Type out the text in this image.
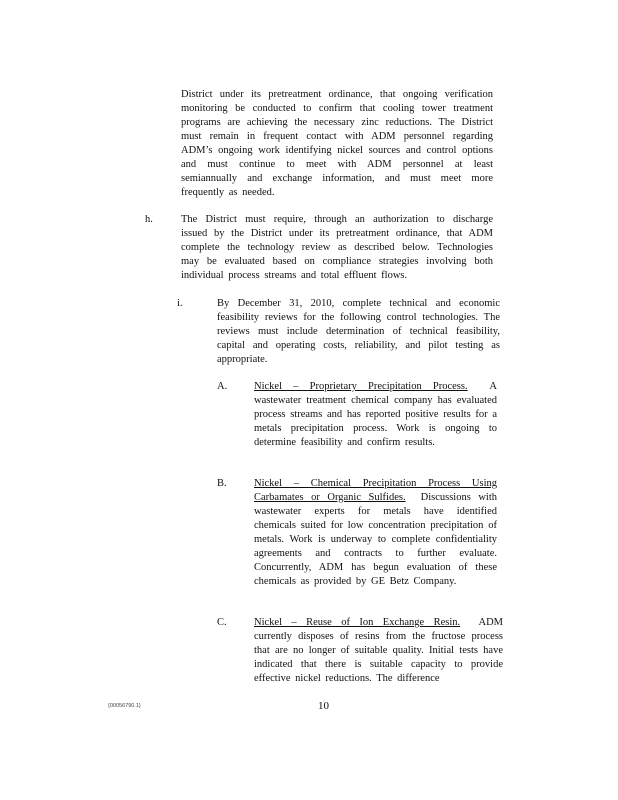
District under its pretreatment ordinance, that ongoing verification monitoring be conducted to confirm that cooling tower treatment programs are achieving the necessary zinc reductions. The District must remain in frequent contact with ADM personnel regarding ADM’s ongoing work identifying nickel sources and control options and must continue to meet with ADM personnel at least semiannually and exchange information, and must meet more frequently as needed.
h.	The District must require, through an authorization to discharge issued by the District under its pretreatment ordinance, that ADM complete the technology review as described below. Technologies may be evaluated based on compliance strategies involving both individual process streams and total effluent flows.
i.	By December 31, 2010, complete technical and economic feasibility reviews for the following control technologies. The reviews must include determination of technical feasibility, capital and operating costs, reliability, and pilot testing as appropriate.
A.	Nickel – Proprietary Precipitation Process. A wastewater treatment chemical company has evaluated process streams and has reported positive results for a metals precipitation process. Work is ongoing to determine feasibility and confirm results.
B.	Nickel – Chemical Precipitation Process Using Carbamates or Organic Sulfides. Discussions with wastewater experts for metals have identified chemicals suited for low concentration precipitation of metals. Work is underway to complete confidentiality agreements and contracts to further evaluate. Concurrently, ADM has begun evaluation of these chemicals as provided by GE Betz Company.
C.	Nickel – Reuse of Ion Exchange Resin. ADM currently disposes of resins from the fructose process that are no longer of suitable quality. Initial tests have indicated that there is suitable capacity to provide effective nickel reductions. The difference
{00056790.1}	10
